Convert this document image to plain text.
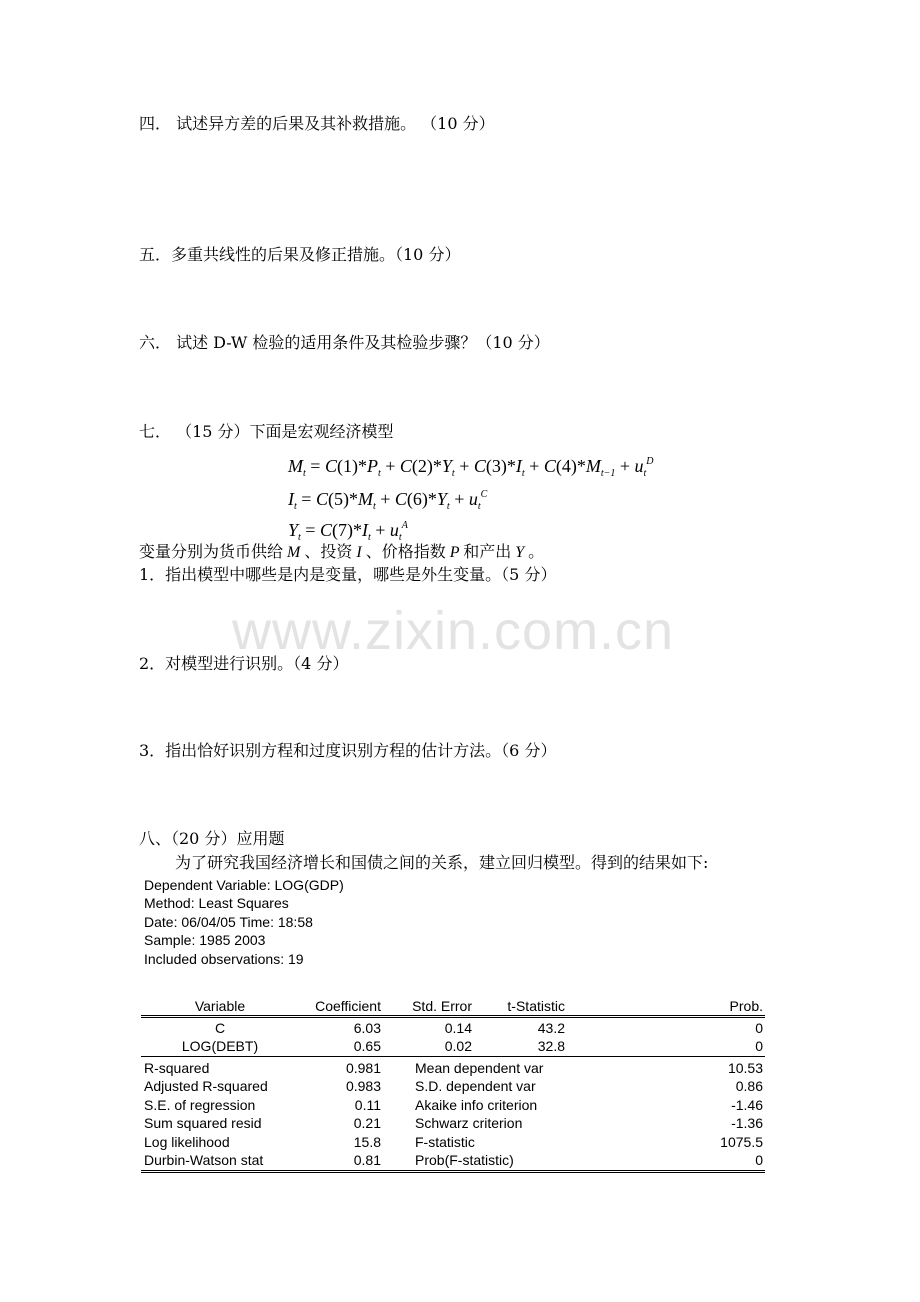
四． 试述异方差的后果及其补救措施。 （10 分）
五．多重共线性的后果及修正措施。（10 分）
六． 试述 D-W 检验的适用条件及其检验步骤？（10 分）
七． （15 分）下面是宏观经济模型
$M_t = C(1)*P_t + C(2)*Y_t + C(3)*I_t + C(4)*M_{t-1} + u_t^D$
$I_t = C(5)*M_t + C(6)*Y_t + u_t^C$
$Y_t = C(7)*I_t + u_t^A$
变量分别为货币供给 M 、投资 I 、价格指数 P 和产出 Y 。
1．指出模型中哪些是内是变量，哪些是外生变量。（5 分）
www.zixin.com.cn
2．对模型进行识别。（4 分）
3．指出恰好识别方程和过度识别方程的估计方法。（6 分）
八、（20 分）应用题
为了研究我国经济增长和国债之间的关系，建立回归模型。得到的结果如下:
Dependent Variable: LOG(GDP)
Method: Least Squares
Date: 06/04/05 Time: 18:58
Sample: 1985 2003
Included observations: 19
Variable	Coefficient	Std. Error	t-Statistic	Prob.
C	6.03	0.14	43.2	0
LOG(DEBT)	0.65	0.02	32.8	0
R-squared	0.981 Mean dependent var	10.53
Adjusted R-squared	0.983 S.D. dependent var	0.86
S.E. of regression	0.11 Akaike info criterion	-1.46
Sum squared resid	0.21 Schwarz criterion	-1.36
Log likelihood	15.8 F-statistic	1075.5
Durbin-Watson stat	0.81 Prob(F-statistic)	0
